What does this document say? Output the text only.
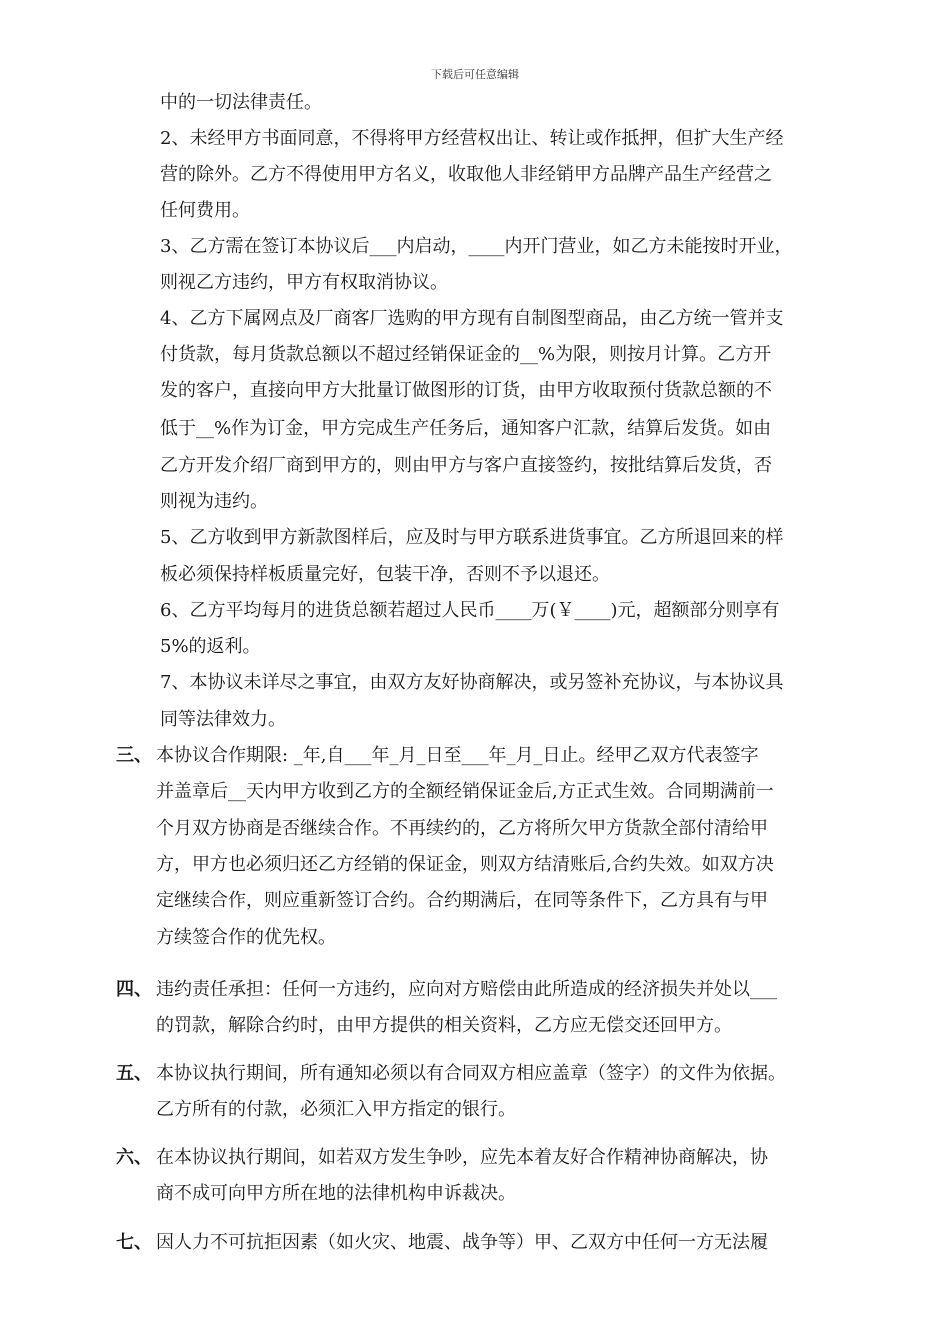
下载后可任意编辑
中的一切法律责任。
2、未经甲方书面同意，不得将甲方经营权出让、转让或作抵押，但扩大生产经
营的除外。乙方不得使用甲方名义，收取他人非经销甲方品牌产品生产经营之
任何费用。
3、乙方需在签订本协议后___内启动，____内开门营业，如乙方未能按时开业，
则视乙方违约，甲方有权取消协议。
4、乙方下属网点及厂商客厂选购的甲方现有自制图型商品，由乙方统一管并支
付货款，每月货款总额以不超过经销保证金的__%为限，则按月计算。乙方开
发的客户，直接向甲方大批量订做图形的订货，由甲方收取预付货款总额的不
低于__%作为订金，甲方完成生产任务后，通知客户汇款，结算后发货。如由
乙方开发介绍厂商到甲方的，则由甲方与客户直接签约，按批结算后发货，否
则视为违约。
5、乙方收到甲方新款图样后，应及时与甲方联系进货事宜。乙方所退回来的样
板必须保持样板质量完好，包装干净，否则不予以退还。
6、乙方平均每月的进货总额若超过人民币____万(￥____)元，超额部分则享有
5%的返利。
7、本协议未详尽之事宜，由双方友好协商解决，或另签补充协议，与本协议具
同等法律效力。
三、 本协议合作期限: _年,自___年_月_日至___年_月_日止。经甲乙双方代表签字
并盖章后__天内甲方收到乙方的全额经销保证金后,方正式生效。合同期满前一
个月双方协商是否继续合作。不再续约的，乙方将所欠甲方货款全部付清给甲
方，甲方也必须归还乙方经销的保证金，则双方结清账后,合约失效。如双方决
定继续合作，则应重新签订合约。合约期满后，在同等条件下，乙方具有与甲
方续签合作的优先权。
四、 违约责任承担：任何一方违约，应向对方赔偿由此所造成的经济损失并处以___
的罚款，解除合约时，由甲方提供的相关资料，乙方应无偿交还回甲方。
五、 本协议执行期间，所有通知必须以有合同双方相应盖章（签字）的文件为依据。
乙方所有的付款，必须汇入甲方指定的银行。
六、 在本协议执行期间，如若双方发生争吵，应先本着友好合作精神协商解决，协
商不成可向甲方所在地的法律机构申诉裁决。
七、 因人力不可抗拒因素（如火灾、地震、战争等）甲、乙双方中任何一方无法履
